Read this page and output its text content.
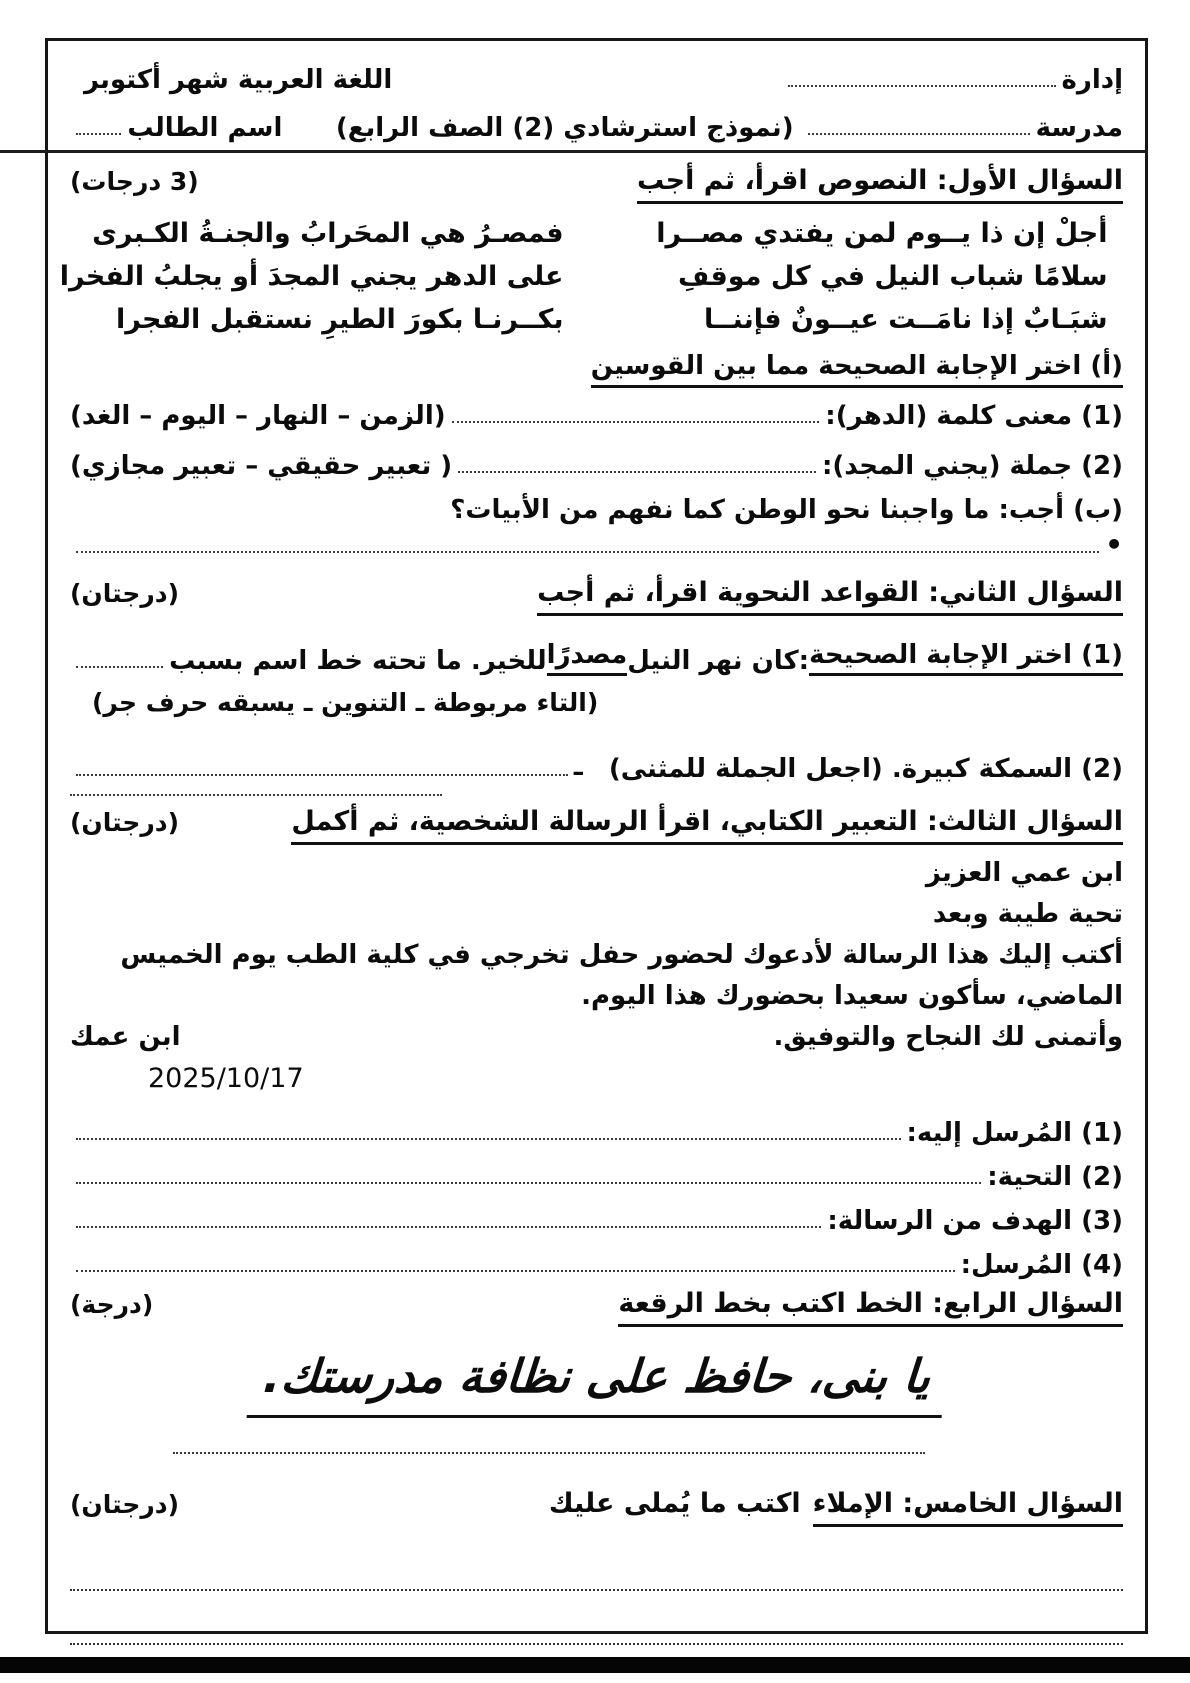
إدارة
اللغة العربية شهر أكتوبر
مدرسة
(نموذج استرشادي (2) الصف الرابع)
اسم الطالب
السؤال الأول: النصوص اقرأ، ثم أجب
(3 درجات)
أجلْ إن ذا يــوم لمن يفتدي مصــرا
فمصـرُ هي المحَرابُ والجنـةُ الكـبرى
سلامًا شباب النيل في كل موقفِ
على الدهر يجني المجدَ أو يجلبُ الفخرا
شبَـابٌ إذا نامَــت عيــونٌ فإننــا
بكــرنـا بكورَ الطيرِ نستقبل الفجرا
(أ) اختر الإجابة الصحيحة مما بين القوسين
(1) معنى كلمة (الدهر):
(الزمن – النهار – اليوم – الغد)
(2) جملة (يجني المجد):
( تعبير حقيقي – تعبير مجازي)
(ب) أجب: ما واجبنا نحو الوطن كما نفهم من الأبيات؟
•
السؤال الثاني: القواعد النحوية اقرأ، ثم أجب
(درجتان)
(1) اختر الإجابة الصحيحة
:كان نهر النيل
مصدرًا
للخير. ما تحته خط اسم بسبب
(التاء مربوطة ـ التنوين ـ يسبقه حرف جر)
(2) السمكة كبيرة. (اجعل الجملة للمثنى)
ـ
السؤال الثالث: التعبير الكتابي، اقرأ الرسالة الشخصية، ثم أكمل
(درجتان)

ابن عمي العزيز

تحية طيبة وبعد

أكتب إليك هذا الرسالة لأدعوك لحضور حفل تخرجي في كلية الطب يوم الخميس الماضي، سأكون سعيدا بحضورك هذا اليوم.

وأتمنى لك النجاح والتوفيق.
ابن عمك
2025/10/17
(1) المُرسل إليه:
(2) التحية:
(3) الهدف من الرسالة:
(4) المُرسل:
السؤال الرابع: الخط اكتب بخط الرقعة
(درجة)
يا بنى، حافظ على نظافة مدرستك.
السؤال الخامس: الإملاء
اكتب ما يُملى عليك
(درجتان)
